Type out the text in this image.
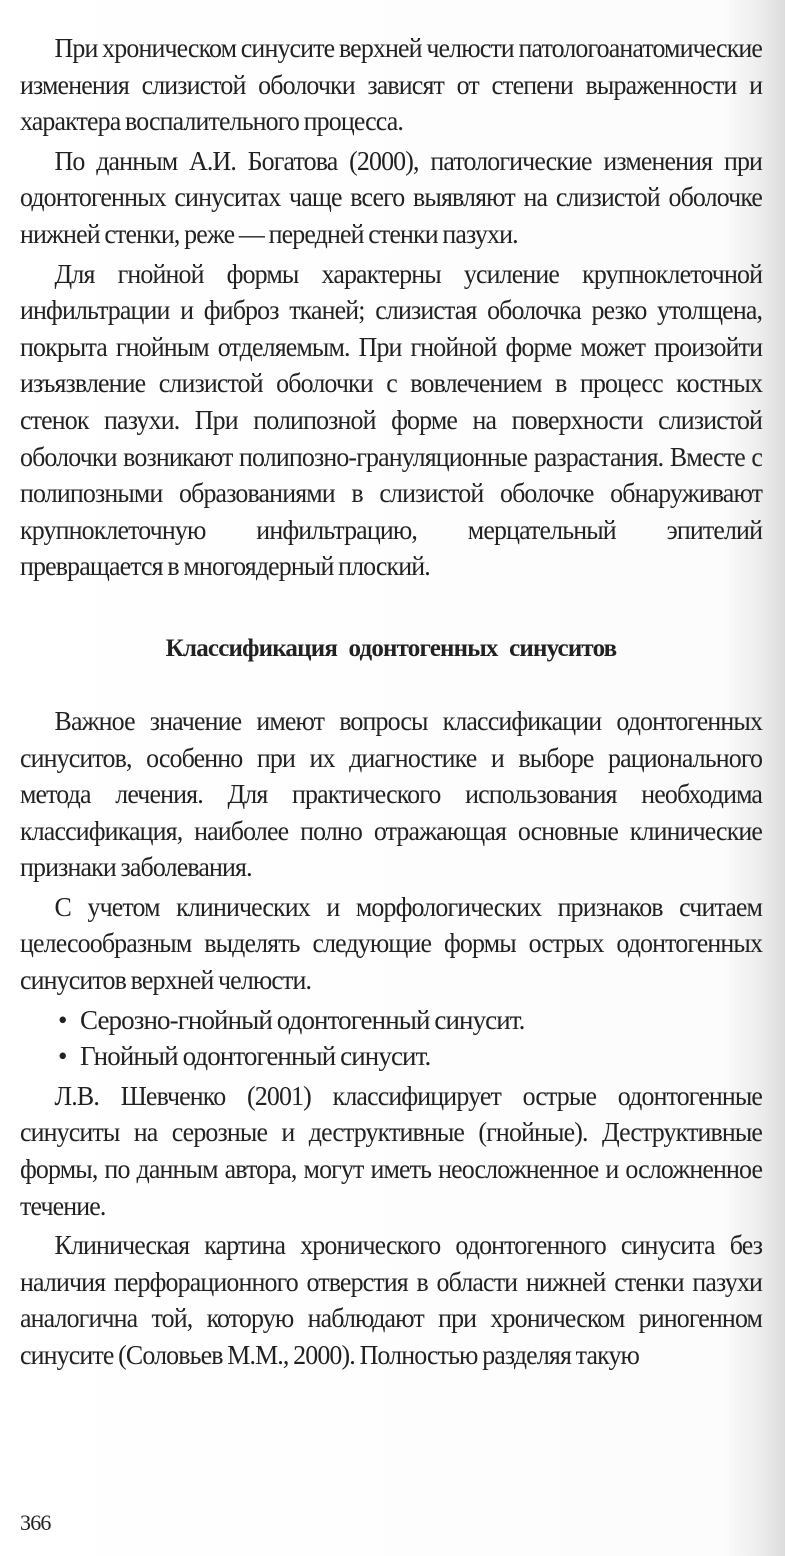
При хроническом синусите верхней челюсти патологоанатомические изменения слизистой оболочки зависят от степени выраженности и характера воспалительного процесса.

По данным А.И. Богатова (2000), патологические изменения при одонтогенных синуситах чаще всего выявляют на слизистой оболочке нижней стенки, реже — передней стенки пазухи.

Для гнойной формы характерны усиление крупноклеточной инфильтрации и фиброз тканей; слизистая оболочка резко утолщена, покрыта гнойным отделяемым. При гнойной форме может произойти изъязвление слизистой оболочки с вовлечением в процесс костных стенок пазухи. При полипозной форме на поверхности слизистой оболочки возникают полипозно-грануляционные разрастания. Вместе с полипозными образованиями в слизистой оболочке обнаруживают крупноклеточную инфильтрацию, мерцательный эпителий превращается в многоядерный плоский.

Классификация одонтогенных синуситов

Важное значение имеют вопросы классификации одонтогенных синуситов, особенно при их диагностике и выборе рационального метода лечения. Для практического использования необходима классификация, наиболее полно отражающая основные клинические признаки заболевания.

С учетом клинических и морфологических признаков считаем целесообразным выделять следующие формы острых одонтогенных синуситов верхней челюсти.

• Серозно-гнойный одонтогенный синусит.
• Гнойный одонтогенный синусит.

Л.В. Шевченко (2001) классифицирует острые одонтогенные синуситы на серозные и деструктивные (гнойные). Деструктивные формы, по данным автора, могут иметь неосложненное и осложненное течение.

Клиническая картина хронического одонтогенного синусита без наличия перфорационного отверстия в области нижней стенки пазухи аналогична той, которую наблюдают при хроническом риногенном синусите (Соловьев М.М., 2000). Полностью разделяя такую

366
